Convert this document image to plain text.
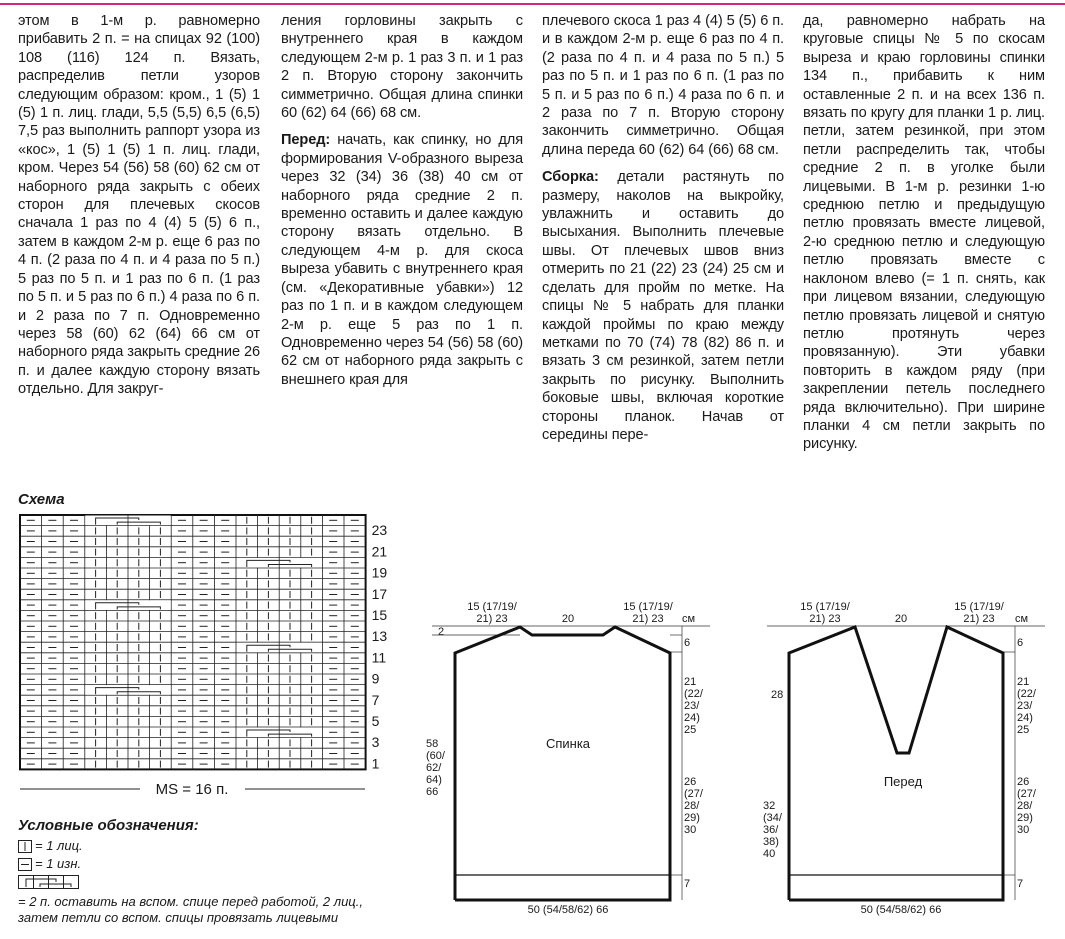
этом в 1-м р. равномерно прибавить 2 п. = на спицах 92 (100) 108 (116) 124 п. Вязать, распределив петли узоров следующим образом: кром., 1 (5) 1 (5) 1 п. лиц. глади, 5,5 (5,5) 6,5 (6,5) 7,5 раз выполнить раппорт узора из «кос», 1 (5) 1 (5) 1 п. лиц. глади, кром. Через 54 (56) 58 (60) 62 см от наборного ряда закрыть с обеих сторон для плечевых скосов сначала 1 раз по 4 (4) 5 (5) 6 п., затем в каждом 2-м р. еще 6 раз по 4 п. (2 раза по 4 п. и 4 раза по 5 п.) 5 раз по 5 п. и 1 раз по 6 п. (1 раз по 5 п. и 5 раз по 6 п.) 4 раза по 6 п. и 2 раза по 7 п. Одновременно через 58 (60) 62 (64) 66 см от наборного ряда закрыть средние 26 п. и далее каждую сторону вязать отдельно. Для закруг-

ления горловины закрыть с внутреннего края в каждом следующем 2-м р. 1 раз 3 п. и 1 раз 2 п. Вторую сторону закончить симметрично. Общая длина спинки 60 (62) 64 (66) 68 см.

Перед: начать, как спинку, но для формирования V-образного выреза через 32 (34) 36 (38) 40 см от наборного ряда средние 2 п. временно оставить и далее каждую сторону вязать отдельно. В следующем 4-м р. для скоса выреза убавить с внутреннего края (см. «Декоративные убавки») 12 раз по 1 п. и в каждом следующем 2-м р. еще 5 раз по 1 п. Одновременно через 54 (56) 58 (60) 62 см от наборного ряда закрыть с внешнего края для

плечевого скоса 1 раз 4 (4) 5 (5) 6 п. и в каждом 2-м р. еще 6 раз по 4 п. (2 раза по 4 п. и 4 раза по 5 п.) 5 раз по 5 п. и 1 раз по 6 п. (1 раз по 5 п. и 5 раз по 6 п.) 4 раза по 6 п. и 2 раза по 7 п. Вторую сторону закончить симметрично. Общая длина переда 60 (62) 64 (66) 68 см.

Сборка: детали растянуть по размеру, наколов на выкройку, увлажнить и оставить до высыхания. Выполнить плечевые швы. От плечевых швов вниз отмерить по 21 (22) 23 (24) 25 см и сделать для пройм по метке. На спицы № 5 набрать для планки каждой проймы по краю между метками по 70 (74) 78 (82) 86 п. и вязать 3 см резинкой, затем петли закрыть по рисунку. Выполнить боковые швы, включая короткие стороны планок. Начав от середины пере-

да, равномерно набрать на круговые спицы № 5 по скосам выреза и краю горловины спинки 134 п., прибавить к ним оставленные 2 п. и на всех 136 п. вязать по кругу для планки 1 р. лиц. петли, затем резинкой, при этом петли распределить так, чтобы средние 2 п. в уголке были лицевыми. В 1-м р. резинки 1-ю среднюю петлю и предыдущую петлю провязать вместе лицевой, 2-ю среднюю петлю и следующую петлю провязать вместе с наклоном влево (= 1 п. снять, как при лицевом вязании, следующую петлю провязать лицевой и снятую петлю протянуть через провязанную). Эти убавки повторить в каждом ряду (при закреплении петель последнего ряда включительно). При ширине планки 4 см петли закрыть по рисунку.

Схема
23
21
19
17
15
13
11
9
7
5
3
1
MS = 16 п.
Условные обозначения:
= 1 лиц.
= 1 изн.
= 2 п. оставить на вспом. спице перед работой, 2 лиц., затем петли со вспом. спицы провязать лицевыми
15 (17/19/
21) 23	20
15 (17/19/
21) 23 см
2
6
21
(22/
23/
24)
25
58
(60/
62/
64)
66
26
(27/
28/
29)
30
7
50 (54/58/62) 66
Спинка
15 (17/19/
21) 23	20
15 (17/19/
21) 23 см
28
6
21
(22/
23/
24)
25
32
(34/
36/
38)
40
26
(27/
28/
29)
30
7
50 (54/58/62) 66
Перед
